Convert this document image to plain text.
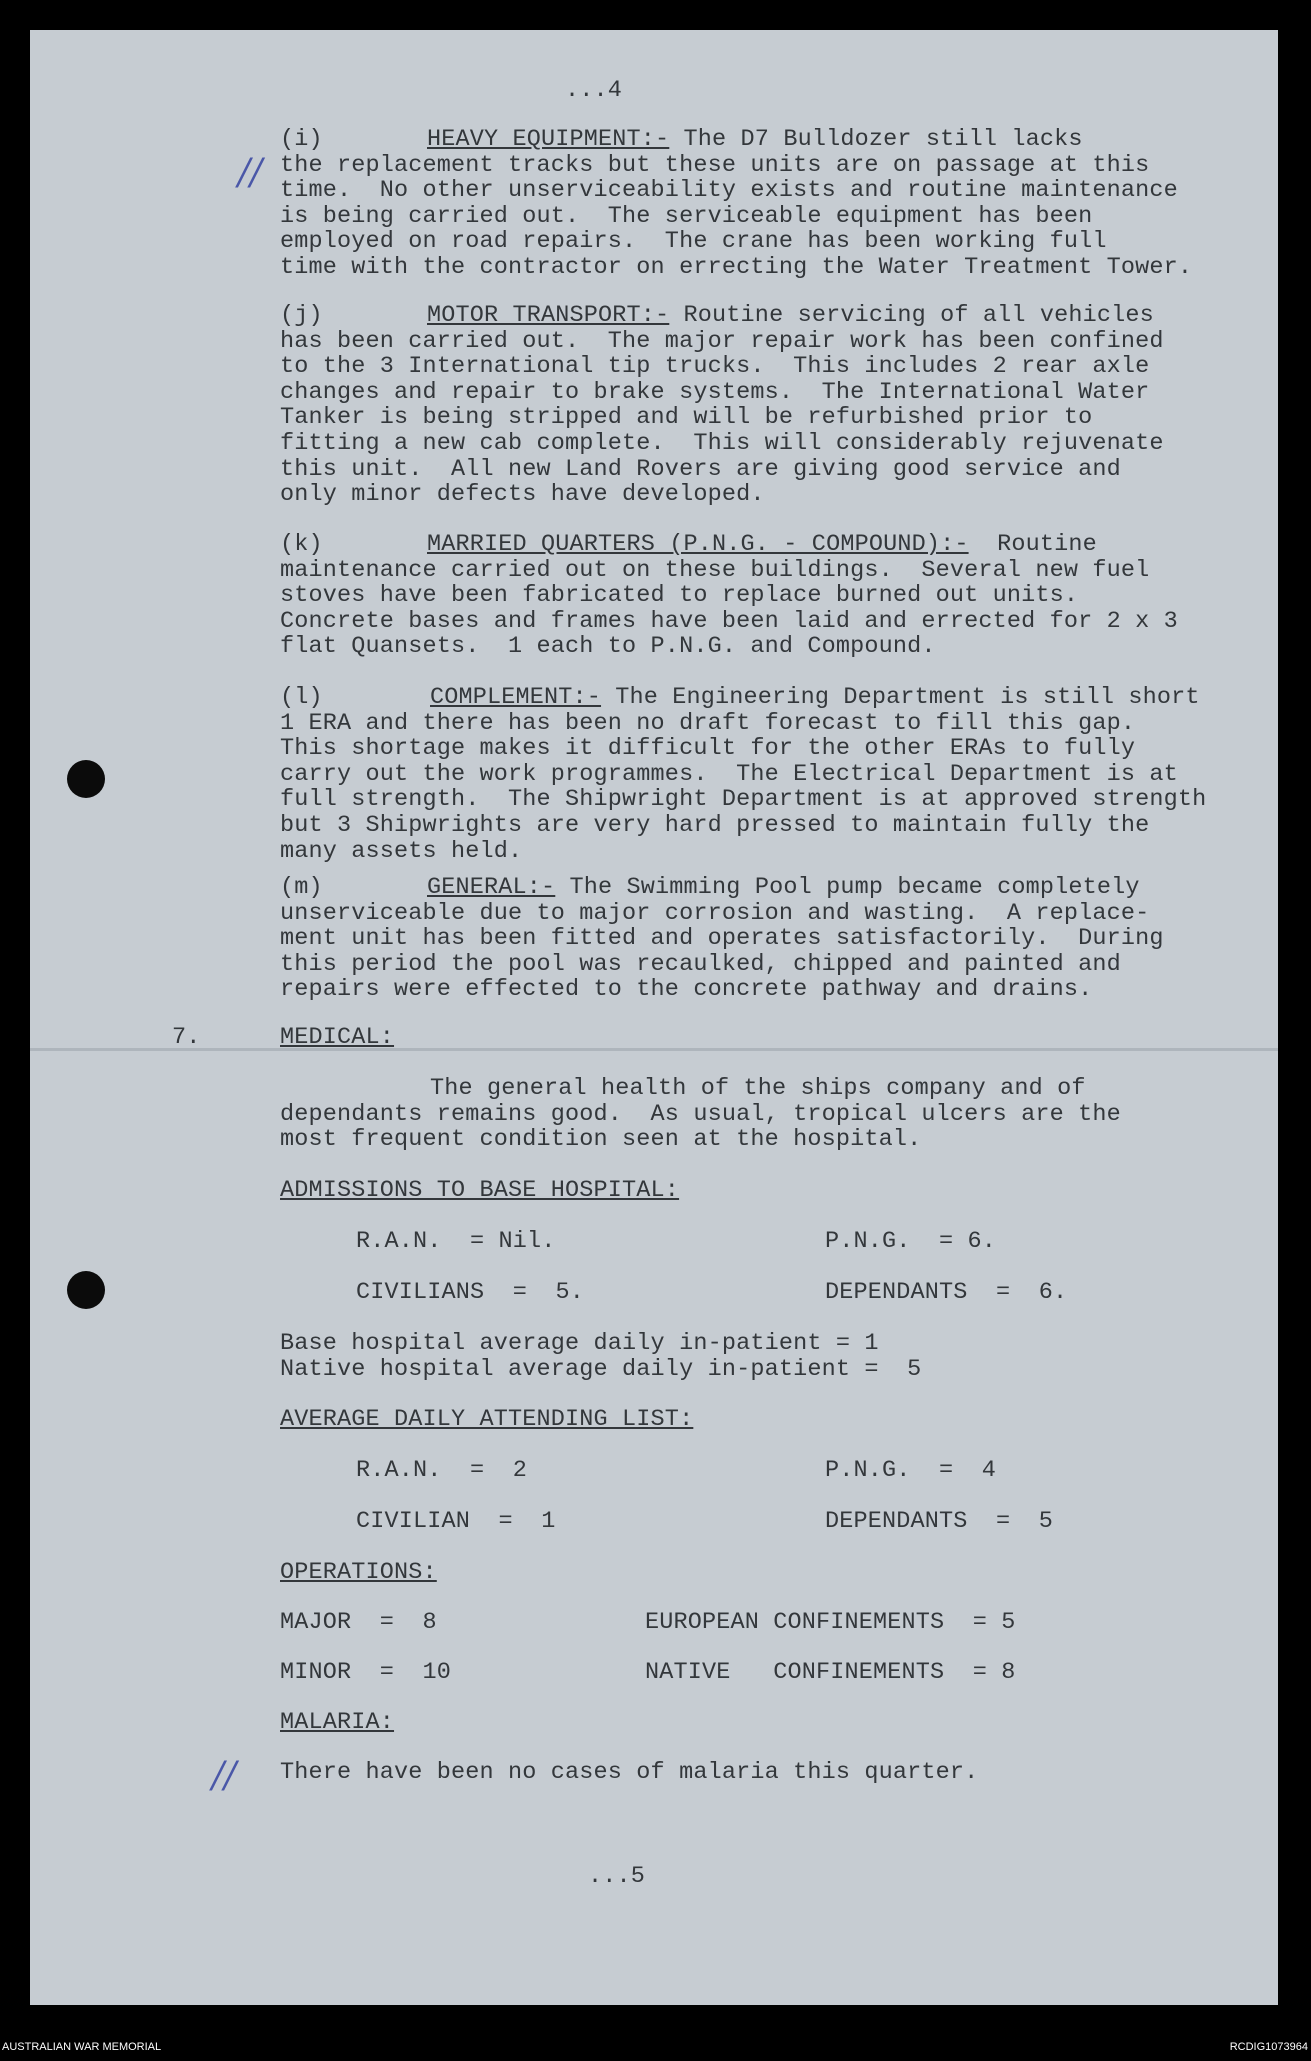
...4
//
(i)	HEAVY EQUIPMENT:- The D7 Bulldozer still lacks
the replacement tracks but these units are on passage at this
time.  No other unserviceability exists and routine maintenance
is being carried out.  The serviceable equipment has been
employed on road repairs.  The crane has been working full
time with the contractor on errecting the Water Treatment Tower.
(j)	MOTOR TRANSPORT:- Routine servicing of all vehicles
has been carried out.  The major repair work has been confined
to the 3 International tip trucks.  This includes 2 rear axle
changes and repair to brake systems.  The International Water
Tanker is being stripped and will be refurbished prior to
fitting a new cab complete.  This will considerably rejuvenate
this unit.  All new Land Rovers are giving good service and
only minor defects have developed.
(k)	MARRIED QUARTERS (P.N.G. - COMPOUND):-  Routine
maintenance carried out on these buildings.  Several new fuel
stoves have been fabricated to replace burned out units.
Concrete bases and frames have been laid and errected for 2 x 3
flat Quansets.  1 each to P.N.G. and Compound.
(l)	COMPLEMENT:- The Engineering Department is still short
1 ERA and there has been no draft forecast to fill this gap.
This shortage makes it difficult for the other ERAs to fully
carry out the work programmes.  The Electrical Department is at
full strength.  The Shipwright Department is at approved strength
but 3 Shipwrights are very hard pressed to maintain fully the
many assets held.
(m)	GENERAL:- The Swimming Pool pump became completely
unserviceable due to major corrosion and wasting.  A replace-
ment unit has been fitted and operates satisfactorily.  During
this period the pool was recaulked, chipped and painted and
repairs were effected to the concrete pathway and drains.
7.	MEDICAL:
The general health of the ships company and of
dependants remains good.  As usual, tropical ulcers are the
most frequent condition seen at the hospital.
ADMISSIONS TO BASE HOSPITAL:
R.A.N.  = Nil.	P.N.G.  = 6.
CIVILIANS  =  5.	DEPENDANTS  =  6.
Base hospital average daily in-patient = 1
Native hospital average daily in-patient =  5
AVERAGE DAILY ATTENDING LIST:
R.A.N.  =  2	P.N.G.  =  4
CIVILIAN  =  1	DEPENDANTS  =  5
OPERATIONS:
MAJOR  =  8	EUROPEAN CONFINEMENTS  = 5
MINOR  =  10	NATIVE   CONFINEMENTS  = 8
MALARIA:
There have been no cases of malaria this quarter.
//
...5
AUSTRALIAN WAR MEMORIAL	RCDIG1073964
